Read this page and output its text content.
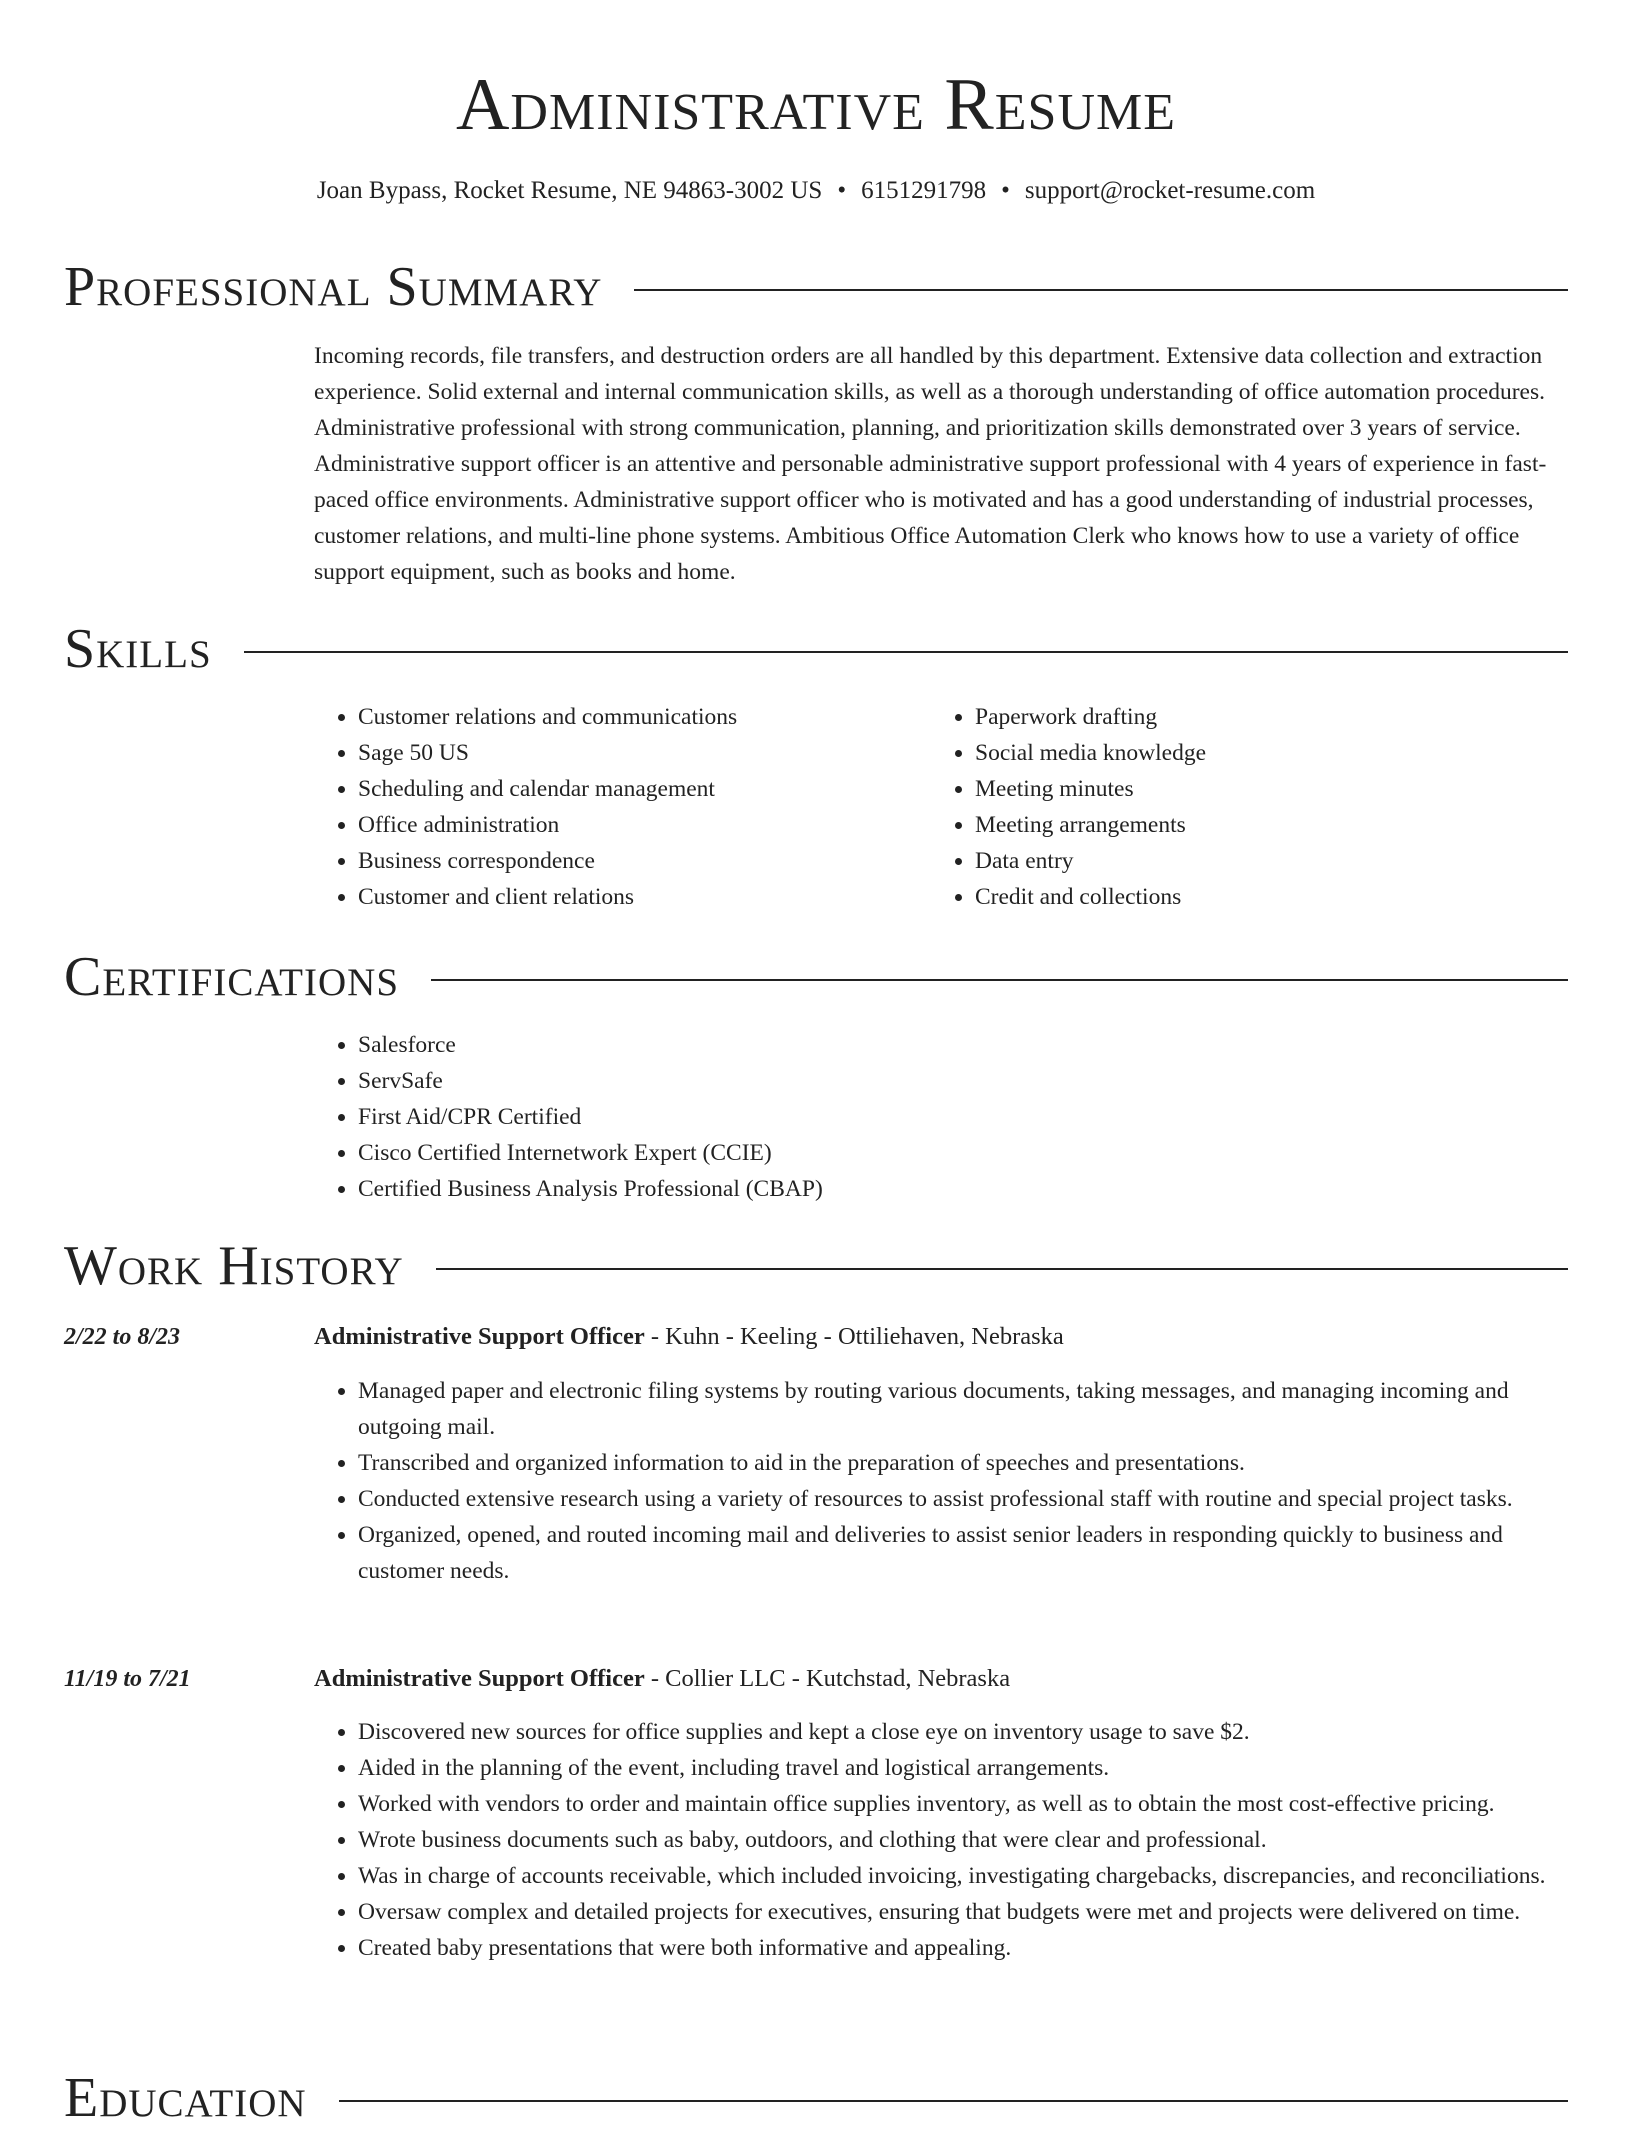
Administrative Resume
Joan Bypass, Rocket Resume, NE 94863-3002 US • 6151291798 • support@rocket-resume.com
Professional Summary
Incoming records, file transfers, and destruction orders are all handled by this department. Extensive data collection and extraction experience. Solid external and internal communication skills, as well as a thorough understanding of office automation procedures. Administrative professional with strong communication, planning, and prioritization skills demonstrated over 3 years of service. Administrative support officer is an attentive and personable administrative support professional with 4 years of experience in fast-paced office environments. Administrative support officer who is motivated and has a good understanding of industrial processes, customer relations, and multi-line phone systems. Ambitious Office Automation Clerk who knows how to use a variety of office support equipment, such as books and home.
Skills
• Customer relations and communications
• Sage 50 US
• Scheduling and calendar management
• Office administration
• Business correspondence
• Customer and client relations
• Paperwork drafting
• Social media knowledge
• Meeting minutes
• Meeting arrangements
• Data entry
• Credit and collections
Certifications
• Salesforce
• ServSafe
• First Aid/CPR Certified
• Cisco Certified Internetwork Expert (CCIE)
• Certified Business Analysis Professional (CBAP)
Work History
2/22 to 8/23	Administrative Support Officer - Kuhn - Keeling - Ottiliehaven, Nebraska
• Managed paper and electronic filing systems by routing various documents, taking messages, and managing incoming and outgoing mail.
• Transcribed and organized information to aid in the preparation of speeches and presentations.
• Conducted extensive research using a variety of resources to assist professional staff with routine and special project tasks.
• Organized, opened, and routed incoming mail and deliveries to assist senior leaders in responding quickly to business and customer needs.
11/19 to 7/21	Administrative Support Officer - Collier LLC - Kutchstad, Nebraska
• Discovered new sources for office supplies and kept a close eye on inventory usage to save $2.
• Aided in the planning of the event, including travel and logistical arrangements.
• Worked with vendors to order and maintain office supplies inventory, as well as to obtain the most cost-effective pricing.
• Wrote business documents such as baby, outdoors, and clothing that were clear and professional.
• Was in charge of accounts receivable, which included invoicing, investigating chargebacks, discrepancies, and reconciliations.
• Oversaw complex and detailed projects for executives, ensuring that budgets were met and projects were delivered on time.
• Created baby presentations that were both informative and appealing.
Education
